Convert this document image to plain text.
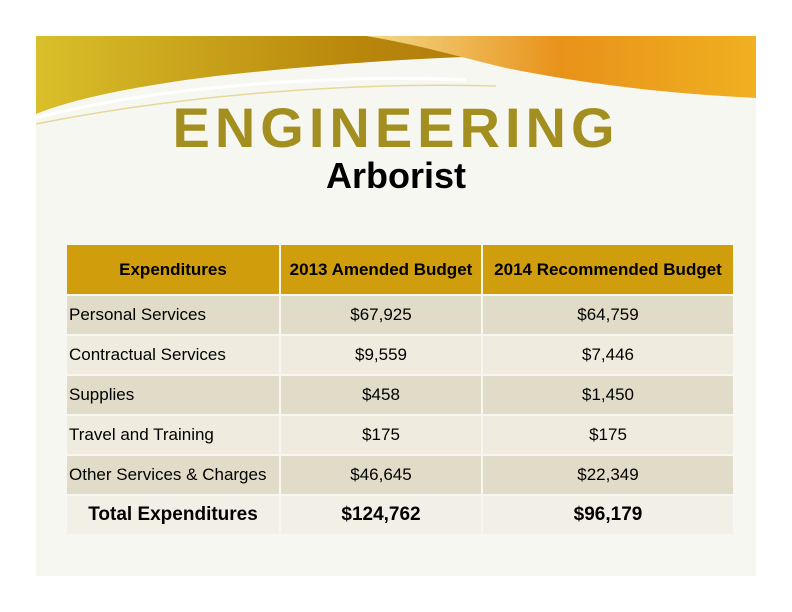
ENGINEERING
Arborist
Expenditures	2013 Amended Budget	2014 Recommended Budget
Personal Services	$67,925	$64,759
Contractual Services	$9,559	$7,446
Supplies	$458	$1,450
Travel and Training	$175	$175
Other Services & Charges	$46,645	$22,349
Total Expenditures	$124,762	$96,179
